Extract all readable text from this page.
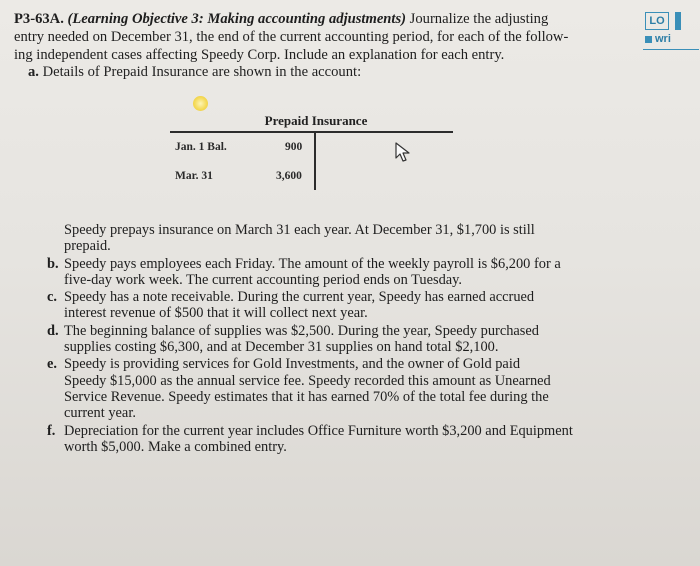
P3-63A. (Learning Objective 3: Making accounting adjustments) Journalize the adjusting
entry needed on December 31, the end of the current accounting period, for each of the follow-
ing independent cases affecting Speedy Corp. Include an explanation for each entry.
LO
wri
a. Details of Prepaid Insurance are shown in the account:
Prepaid Insurance
Jan. 1 Bal.	900
Mar. 31	3,600
Speedy prepays insurance on March 31 each year. At December 31, $1,700 is still
prepaid.
b. Speedy pays employees each Friday. The amount of the weekly payroll is $6,200 for a
five-day work week. The current accounting period ends on Tuesday.
c. Speedy has a note receivable. During the current year, Speedy has earned accrued
interest revenue of $500 that it will collect next year.
d. The beginning balance of supplies was $2,500. During the year, Speedy purchased
supplies costing $6,300, and at December 31 supplies on hand total $2,100.
e. Speedy is providing services for Gold Investments, and the owner of Gold paid
Speedy $15,000 as the annual service fee. Speedy recorded this amount as Unearned
Service Revenue. Speedy estimates that it has earned 70% of the total fee during the
current year.
f. Depreciation for the current year includes Office Furniture worth $3,200 and Equipment
worth $5,000. Make a combined entry.
